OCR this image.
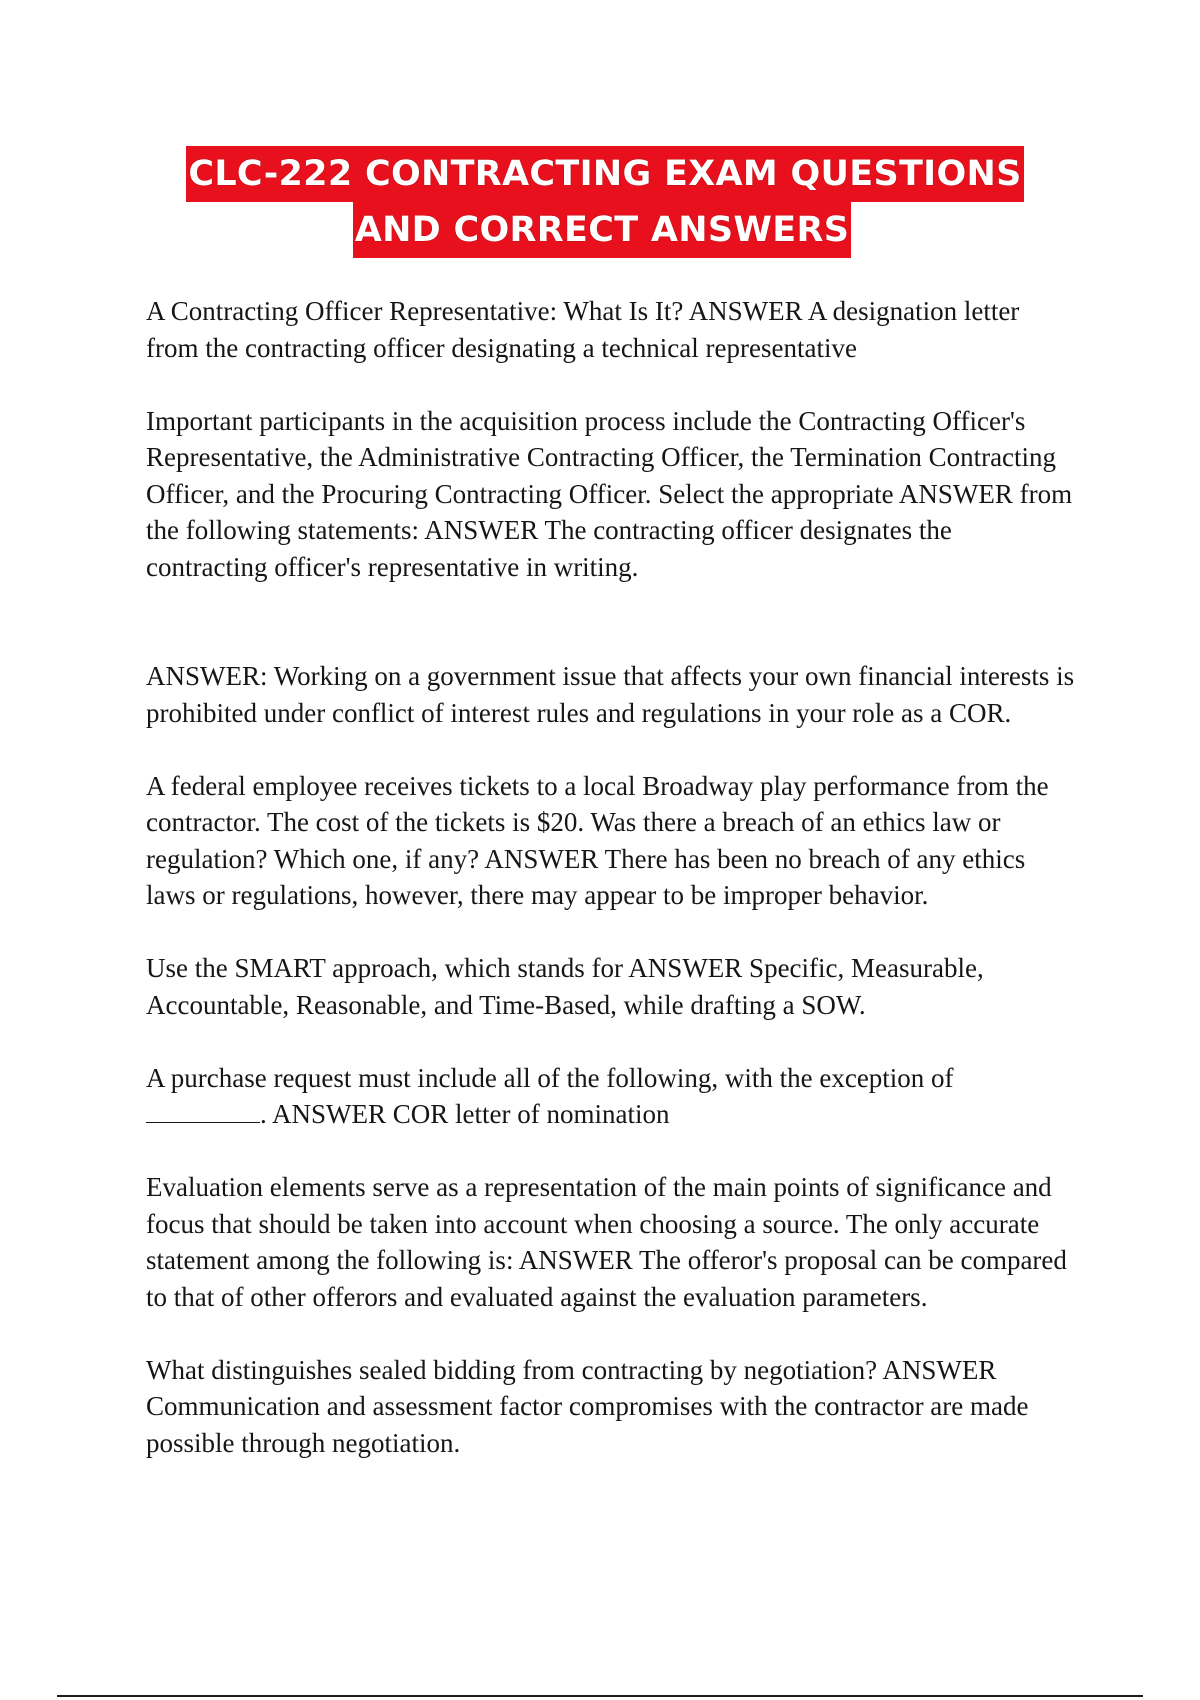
CLC-222 CONTRACTING EXAM QUESTIONS
AND CORRECT ANSWERS

A Contracting Officer Representative: What Is It? ANSWER A designation letter from the contracting officer designating a technical representative

Important participants in the acquisition process include the Contracting Officer's Representative, the Administrative Contracting Officer, the Termination Contracting Officer, and the Procuring Contracting Officer. Select the appropriate ANSWER from the following statements: ANSWER The contracting officer designates the contracting officer's representative in writing.

ANSWER: Working on a government issue that affects your own financial interests is prohibited under conflict of interest rules and regulations in your role as a COR.

A federal employee receives tickets to a local Broadway play performance from the contractor. The cost of the tickets is $20. Was there a breach of an ethics law or regulation? Which one, if any? ANSWER There has been no breach of any ethics laws or regulations, however, there may appear to be improper behavior.

Use the SMART approach, which stands for ANSWER Specific, Measurable, Accountable, Reasonable, and Time-Based, while drafting a SOW.

A purchase request must include all of the following, with the exception of
. ANSWER COR letter of nomination

Evaluation elements serve as a representation of the main points of significance and focus that should be taken into account when choosing a source. The only accurate statement among the following is: ANSWER The offeror's proposal can be compared to that of other offerors and evaluated against the evaluation parameters.

What distinguishes sealed bidding from contracting by negotiation? ANSWER Communication and assessment factor compromises with the contractor are made possible through negotiation.
